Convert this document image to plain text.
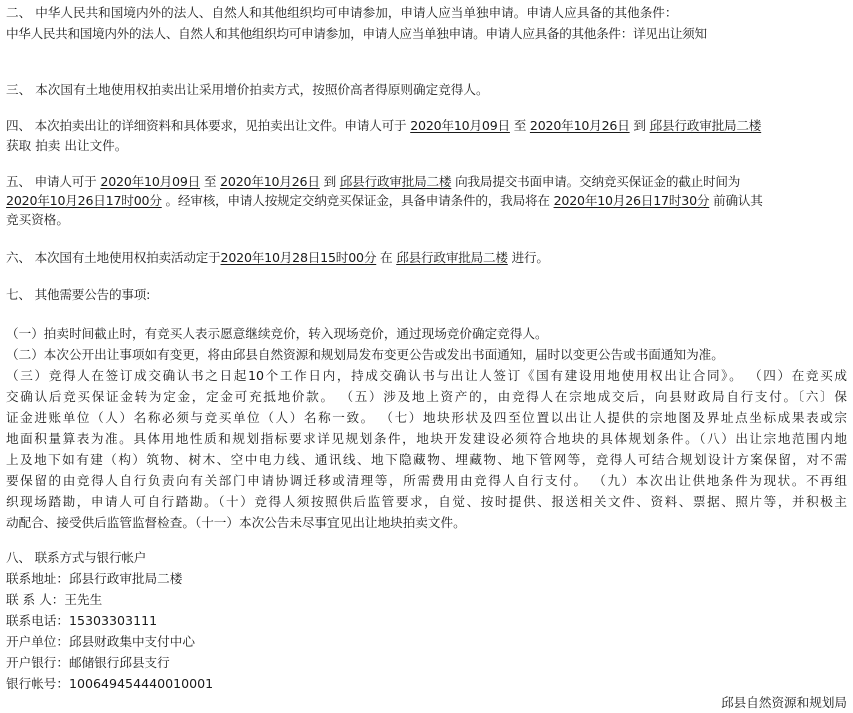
二、 中华人民共和国境内外的法人、自然人和其他组织均可申请参加，申请人应当单独申请。申请人应具备的其他条件：
中华人民共和国境内外的法人、自然人和其他组织均可申请参加，申请人应当单独申请。申请人应具备的其他条件：详见出让须知
三、 本次国有土地使用权拍卖出让采用增价拍卖方式，按照价高者得原则确定竞得人。
四、 本次拍卖出让的详细资料和具体要求，见拍卖出让文件。申请人可于 2020年10月09日 至 2020年10月26日 到 邱县行政审批局二楼
获取 拍卖 出让文件。
五、 申请人可于 2020年10月09日 至 2020年10月26日 到 邱县行政审批局二楼 向我局提交书面申请。交纳竞买保证金的截止时间为
2020年10月26日17时00分 。经审核，申请人按规定交纳竞买保证金，具备申请条件的，我局将在 2020年10月26日17时30分 前确认其
竞买资格。
六、 本次国有土地使用权拍卖活动定于2020年10月28日15时00分 在 邱县行政审批局二楼 进行。
七、 其他需要公告的事项:
（一）拍卖时间截止时，有竞买人表示愿意继续竞价，转入现场竞价，通过现场竞价确定竞得人。
（二）本次公开出让事项如有变更，将由邱县自然资源和规划局发布变更公告或发出书面通知，届时以变更公告或书面通知为准。
（三）竞得人在签订成交确认书之日起10个工作日内，持成交确认书与出让人签订《国有建设用地使用权出让合同》。 （四）在竞买成
交确认后竞买保证金转为定金，定金可充抵地价款。 （五）涉及地上资产的，由竞得人在宗地成交后，向县财政局自行支付。〔六〕保
证金进账单位（人）名称必须与竞买单位（人）名称一致。 （七）地块形状及四至位置以出让人提供的宗地图及界址点坐标成果表或宗
地面积量算表为准。具体用地性质和规划指标要求详见规划条件，地块开发建设必须符合地块的具体规划条件。（八）出让宗地范围内地
上及地下如有建（构）筑物、树木、空中电力线、通讯线、地下隐藏物、埋藏物、地下管网等，竞得人可结合规划设计方案保留，对不需
要保留的由竞得人自行负责向有关部门申请协调迁移或清理等，所需费用由竞得人自行支付。 （九）本次出让供地条件为现状。不再组
织现场踏勘，申请人可自行踏勘。（十）竞得人须按照供后监管要求，自觉、按时提供、报送相关文件、资料、票据、照片等，并积极主
动配合、接受供后监管监督检查。（十一）本次公告未尽事宜见出让地块拍卖文件。
八、 联系方式与银行帐户
联系地址：邱县行政审批局二楼
联 系 人：王先生
联系电话：15303303111
开户单位：邱县财政集中支付中心
开户银行：邮储银行邱县支行
银行帐号：100649454440010001
邱县自然资源和规划局
